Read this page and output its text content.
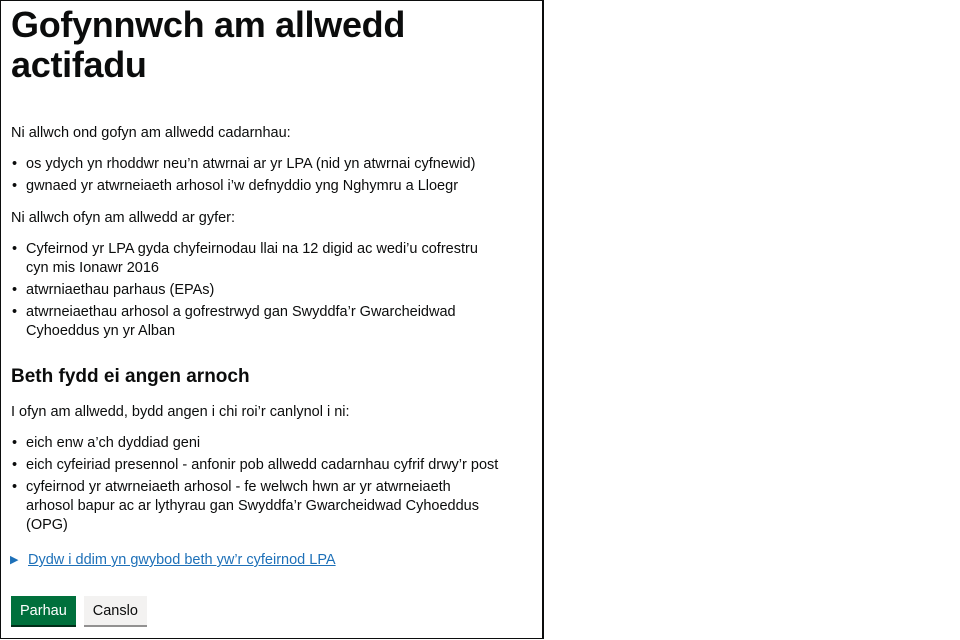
Gofynnwch am allwedd actifadu

Ni allwch ond gofyn am allwedd cadarnhau:

• os ydych yn rhoddwr neu’n atwrnai ar yr LPA (nid yn atwrnai cyfnewid)
• gwnaed yr atwrneiaeth arhosol i’w defnyddio yng Nghymru a Lloegr

Ni allwch ofyn am allwedd ar gyfer:

• Cyfeirnod yr LPA gyda chyfeirnodau llai na 12 digid ac wedi’u cofrestru cyn mis Ionawr 2016
• atwrniaethau parhaus (EPAs)
• atwrneiaethau arhosol a gofrestrwyd gan Swyddfa’r Gwarcheidwad Cyhoeddus yn yr Alban
Beth fydd ei angen arnoch

I ofyn am allwedd, bydd angen i chi roi’r canlynol i ni:

• eich enw a’ch dyddiad geni
• eich cyfeiriad presennol - anfonir pob allwedd cadarnhau cyfrif drwy’r post
• cyfeirnod yr atwrneiaeth arhosol - fe welwch hwn ar yr atwrneiaeth arhosol bapur ac ar lythyrau gan Swyddfa’r Gwarcheidwad Cyhoeddus (OPG)
▶ Dydw i ddim yn gwybod beth yw’r cyfeirnod LPA
Parhau	Canslo
